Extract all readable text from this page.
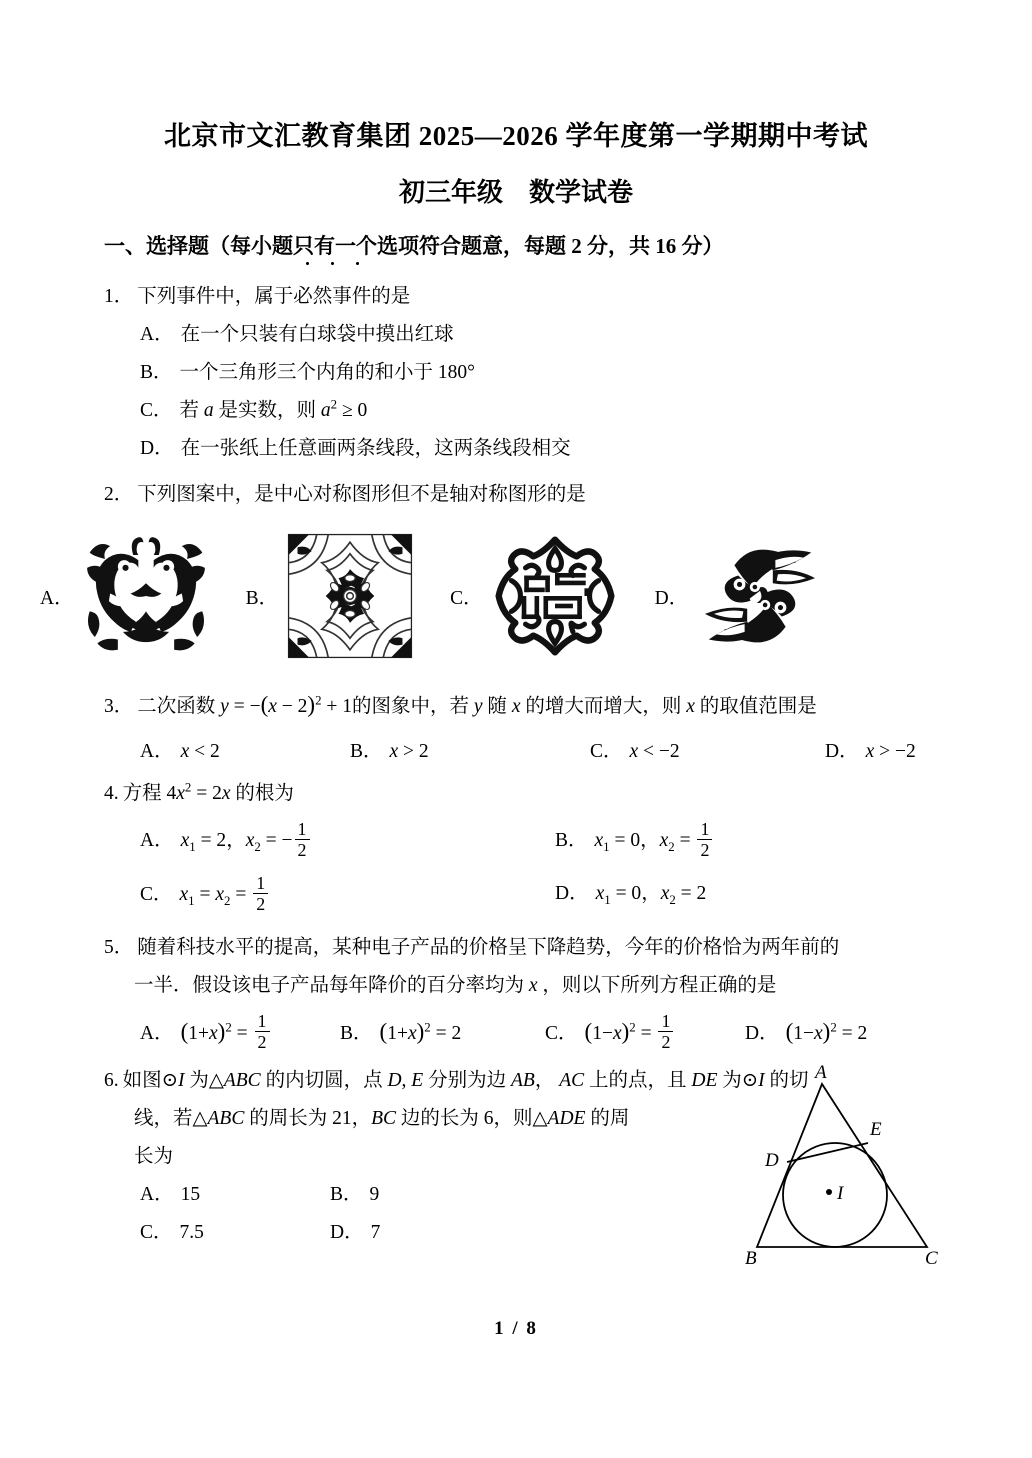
北京市文汇教育集团 2025—2026 学年度第一学期期中考试
初三年级    数学试卷
一、选择题（每小题只有一个选项符合题意，每题 2 分，共 16 分）
1． 下列事件中，属于必然事件的是
A． 在一个只装有白球袋中摸出红球
B． 一个三角形三个内角的和小于 180°
C． 若 a 是实数，则 $a^2 \ge 0$
D． 在一张纸上任意画两条线段，这两条线段相交
2． 下列图案中，是中心对称图形但不是轴对称图形的是
A．	B．	C．	D．
3． 二次函数 $y = -(x - 2)^2 + 1$的图象中，若 y 随 x 的增大而增大，则 x 的取值范围是
A． x < 2	B． x > 2	C． x < −2	D． x > −2
4. 方程 $4x^2 = 2x$ 的根为
A． $x_1 = 2$，$x_2$ = − $\frac{1}{2}$	B． $x_1 = 0$，$x_2 = \frac{1}{2}$
C． $x_1 = x_2 = \frac{1}{2}$	D． $x_1 = 0$，$x_2 = 2$
5． 随着科技水平的提高，某种电子产品的价格呈下降趋势，今年的价格恰为两年前的
一半．假设该电子产品每年降价的百分率均为 x ，则以下所列方程正确的是
A． $(1+x)^2 = \frac{1}{2}$	B． $(1+x)^2 = 2$	C． $(1-x)^2 = \frac{1}{2}$	D． $(1-x)^2 = 2$
6. 如图⊙I 为△ABC 的内切圆，点 D, E 分别为边 AB， AC 上的点，且 DE 为⊙I 的切
线，若△ABC 的周长为 21，BC 边的长为 6，则△ADE 的周
长为
A． 15	B． 9
C． 7.5	D． 7
A
B	C
D
E
I
1 / 8
